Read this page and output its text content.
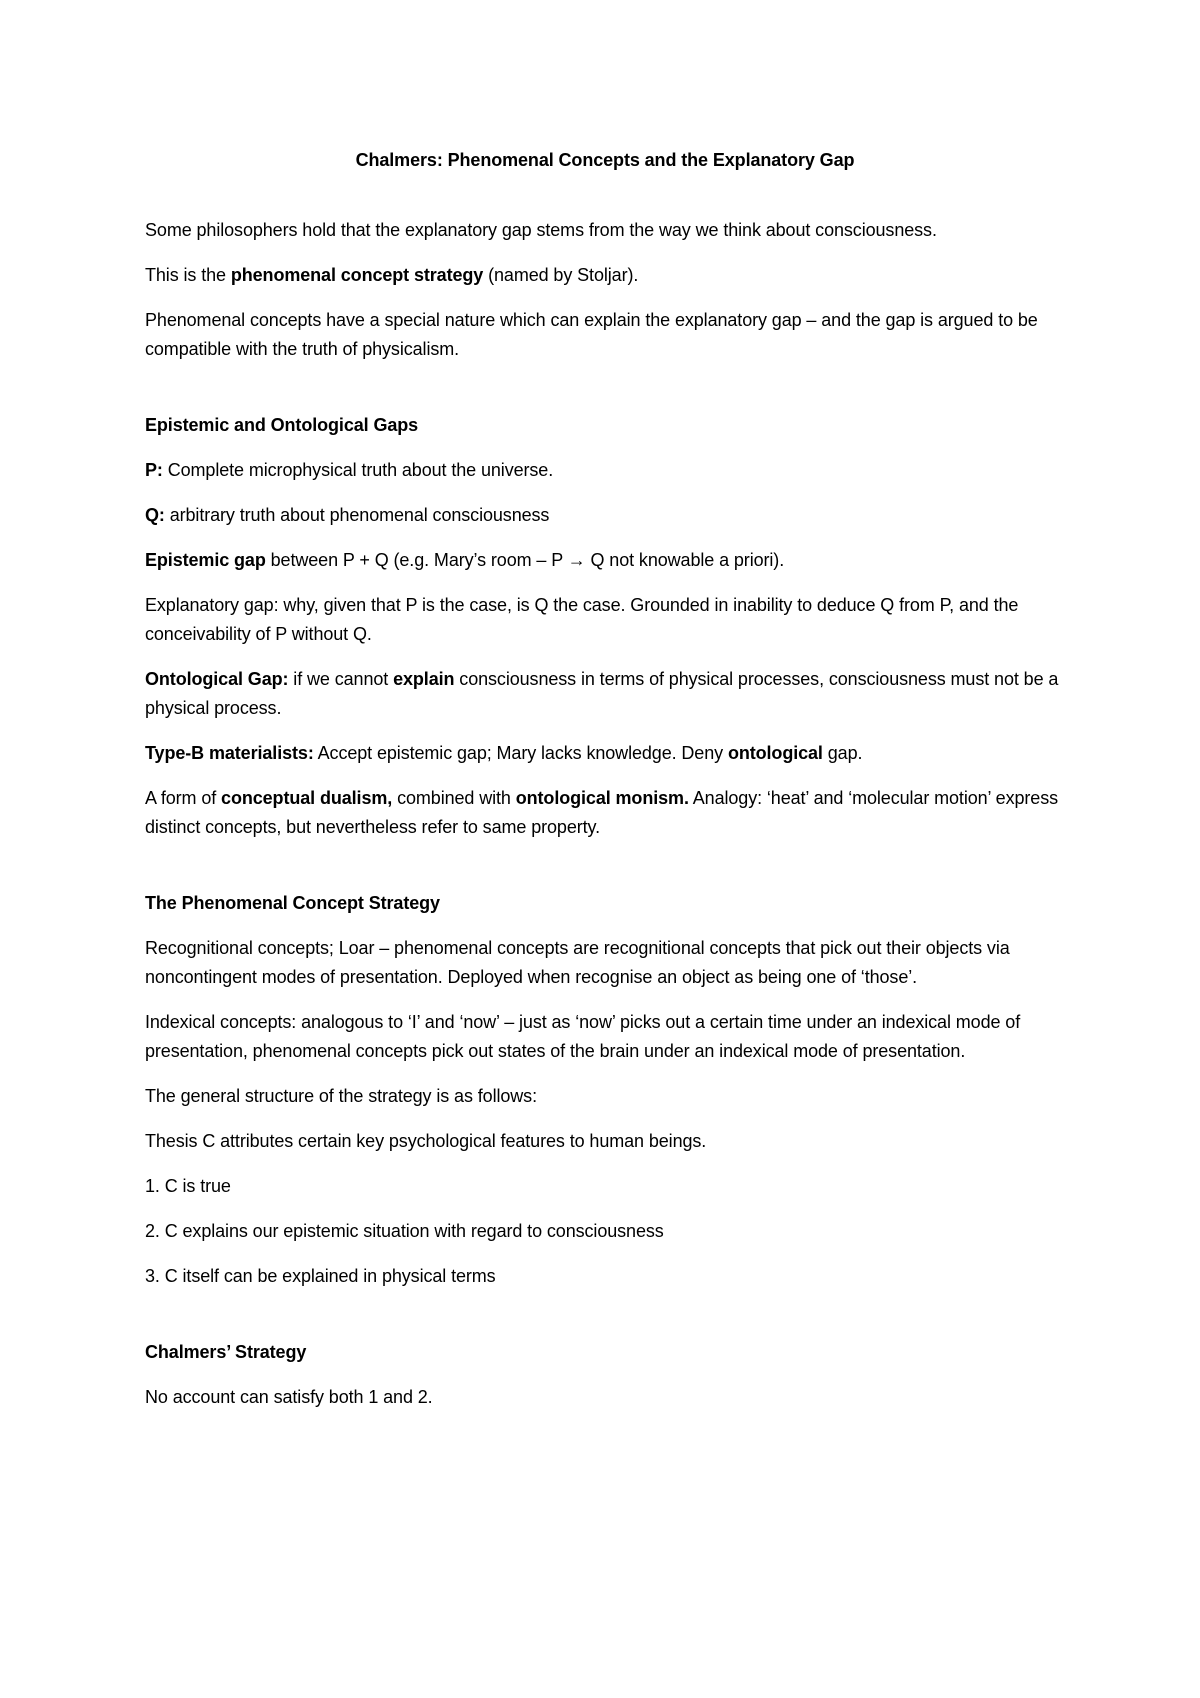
Chalmers: Phenomenal Concepts and the Explanatory Gap

Some philosophers hold that the explanatory gap stems from the way we think about consciousness.

This is the phenomenal concept strategy (named by Stoljar).

Phenomenal concepts have a special nature which can explain the explanatory gap – and the gap is argued to be compatible with the truth of physicalism.

Epistemic and Ontological Gaps

P: Complete microphysical truth about the universe.

Q: arbitrary truth about phenomenal consciousness

Epistemic gap between P + Q (e.g. Mary’s room – P → Q not knowable a priori).

Explanatory gap: why, given that P is the case, is Q the case. Grounded in inability to deduce Q from P, and the conceivability of P without Q.

Ontological Gap: if we cannot explain consciousness in terms of physical processes, consciousness must not be a physical process.

Type-B materialists: Accept epistemic gap; Mary lacks knowledge. Deny ontological gap.

A form of conceptual dualism, combined with ontological monism. Analogy: ‘heat’ and ‘molecular motion’ express distinct concepts, but nevertheless refer to same property.

The Phenomenal Concept Strategy

Recognitional concepts; Loar – phenomenal concepts are recognitional concepts that pick out their objects via noncontingent modes of presentation. Deployed when recognise an object as being one of ‘those’.

Indexical concepts: analogous to ‘I’ and ‘now’ – just as ‘now’ picks out a certain time under an indexical mode of presentation, phenomenal concepts pick out states of the brain under an indexical mode of presentation.

The general structure of the strategy is as follows:

Thesis C attributes certain key psychological features to human beings.

1. C is true

2. C explains our epistemic situation with regard to consciousness

3. C itself can be explained in physical terms

Chalmers’ Strategy

No account can satisfy both 1 and 2.
